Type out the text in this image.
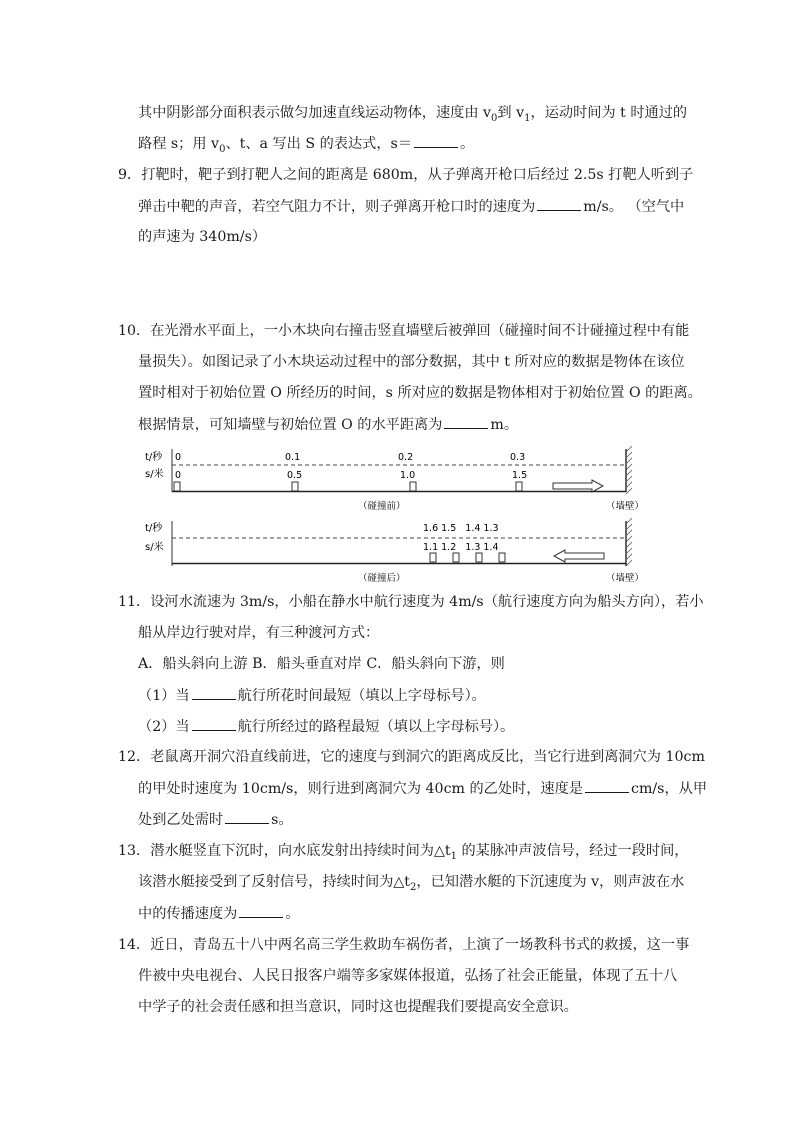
其中阴影部分面积表示做匀加速直线运动物体，速度由 $v_0$到 $v_1$，运动时间为 t 时通过的
路程 s；用 $v_0$、t、a 写出 S 的表达式，s＝	。
9．打靶时，靶子到打靶人之间的距离是 680m，从子弹离开枪口后经过 2.5s 打靶人听到子
弹击中靶的声音，若空气阻力不计，则子弹离开枪口时的速度为	m/s。 （空气中
的声速为 340m/s）
10．在光滑水平面上，一小木块向右撞击竖直墙壁后被弹回（碰撞时间不计碰撞过程中有能
量损失）。如图记录了小木块运动过程中的部分数据，其中 t 所对应的数据是物体在该位
置时相对于初始位置 O 所经历的时间，s 所对应的数据是物体相对于初始位置 O 的距离。
根据情景，可知墙壁与初始位置 O 的水平距离为	m。
t/秒
s/米
0	0.1	0.2	0.3
0	0.5	1.0	1.5
（碰撞前）	（墙壁）
t/秒
s/米
1.6 1.5   1.4 1.3
1.1 1.2   1.3 1.4
（碰撞后）	（墙壁）
11．设河水流速为 3m/s，小船在静水中航行速度为 4m/s（航行速度方向为船头方向），若小
船从岸边行驶对岸，有三种渡河方式：
A．船头斜向上游 B．船头垂直对岸 C．船头斜向下游，则
（1）当	航行所花时间最短（填以上字母标号）。
（2）当	航行所经过的路程最短（填以上字母标号）。
12．老鼠离开洞穴沿直线前进，它的速度与到洞穴的距离成反比，当它行进到离洞穴为 10cm
的甲处时速度为 10cm/s，则行进到离洞穴为 40cm 的乙处时，速度是	cm/s，从甲
处到乙处需时	s。
13．潜水艇竖直下沉时，向水底发射出持续时间为$\triangle t_1$ 的某脉冲声波信号，经过一段时间，
该潜水艇接受到了反射信号，持续时间为$\triangle t_2$，已知潜水艇的下沉速度为 v，则声波在水
中的传播速度为	。
14．近日，青岛五十八中两名高三学生救助车祸伤者，上演了一场教科书式的救援，这一事
件被中央电视台、人民日报客户端等多家媒体报道，弘扬了社会正能量，体现了五十八
中学子的社会责任感和担当意识，同时这也提醒我们要提高安全意识。
